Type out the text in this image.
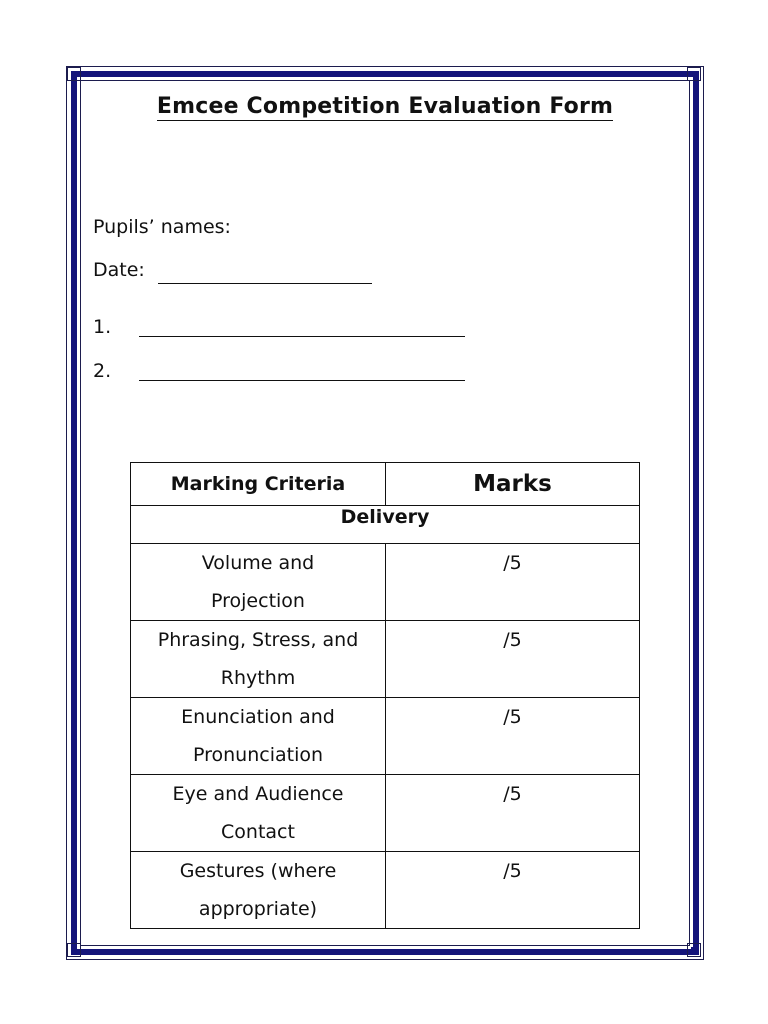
Emcee Competition Evaluation Form
Pupils’ names:
Date:
1.
2.
Marking Criteria	Marks
Delivery	

Volume and
Projection	/5

Phrasing, Stress, and
Rhythm	/5

Enunciation and
Pronunciation	/5

Eye and Audience
Contact	/5

Gestures (where
appropriate)	/5
